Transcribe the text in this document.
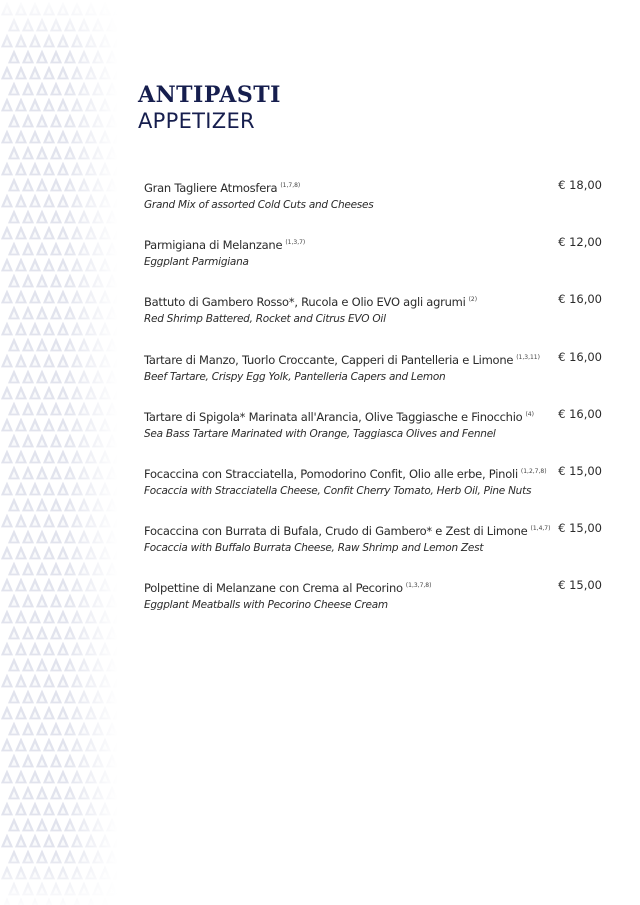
ANTIPASTI
APPETIZER
Gran Tagliere Atmosfera $^{(1,7,8)}$
Grand Mix of assorted Cold Cuts and Cheeses
€ 18,00
Parmigiana di Melanzane $^{(1,3,7)}$
Eggplant Parmigiana
€ 12,00
Battuto di Gambero Rosso*, Rucola e Olio EVO agli agrumi $^{(2)}$
Red Shrimp Battered, Rocket and Citrus EVO Oil
€ 16,00
Tartare di Manzo, Tuorlo Croccante, Capperi di Pantelleria e Limone $^{(1,3,11)}$
Beef Tartare, Crispy Egg Yolk, Pantelleria Capers and Lemon
€ 16,00
Tartare di Spigola* Marinata all'Arancia, Olive Taggiasche e Finocchio $^{(4)}$
Sea Bass Tartare Marinated with Orange, Taggiasca Olives and Fennel
€ 16,00
Focaccina con Stracciatella, Pomodorino Confit, Olio alle erbe, Pinoli $^{(1,2,7,8)}$
Focaccia with Stracciatella Cheese, Confit Cherry Tomato, Herb Oil, Pine Nuts
€ 15,00
Focaccina con Burrata di Bufala, Crudo di Gambero* e Zest di Limone $^{(1,4,7)}$
Focaccia with Buffalo Burrata Cheese, Raw Shrimp and Lemon Zest
€ 15,00
Polpettine di Melanzane con Crema al Pecorino $^{(1,3,7,8)}$
Eggplant Meatballs with Pecorino Cheese Cream
€ 15,00
